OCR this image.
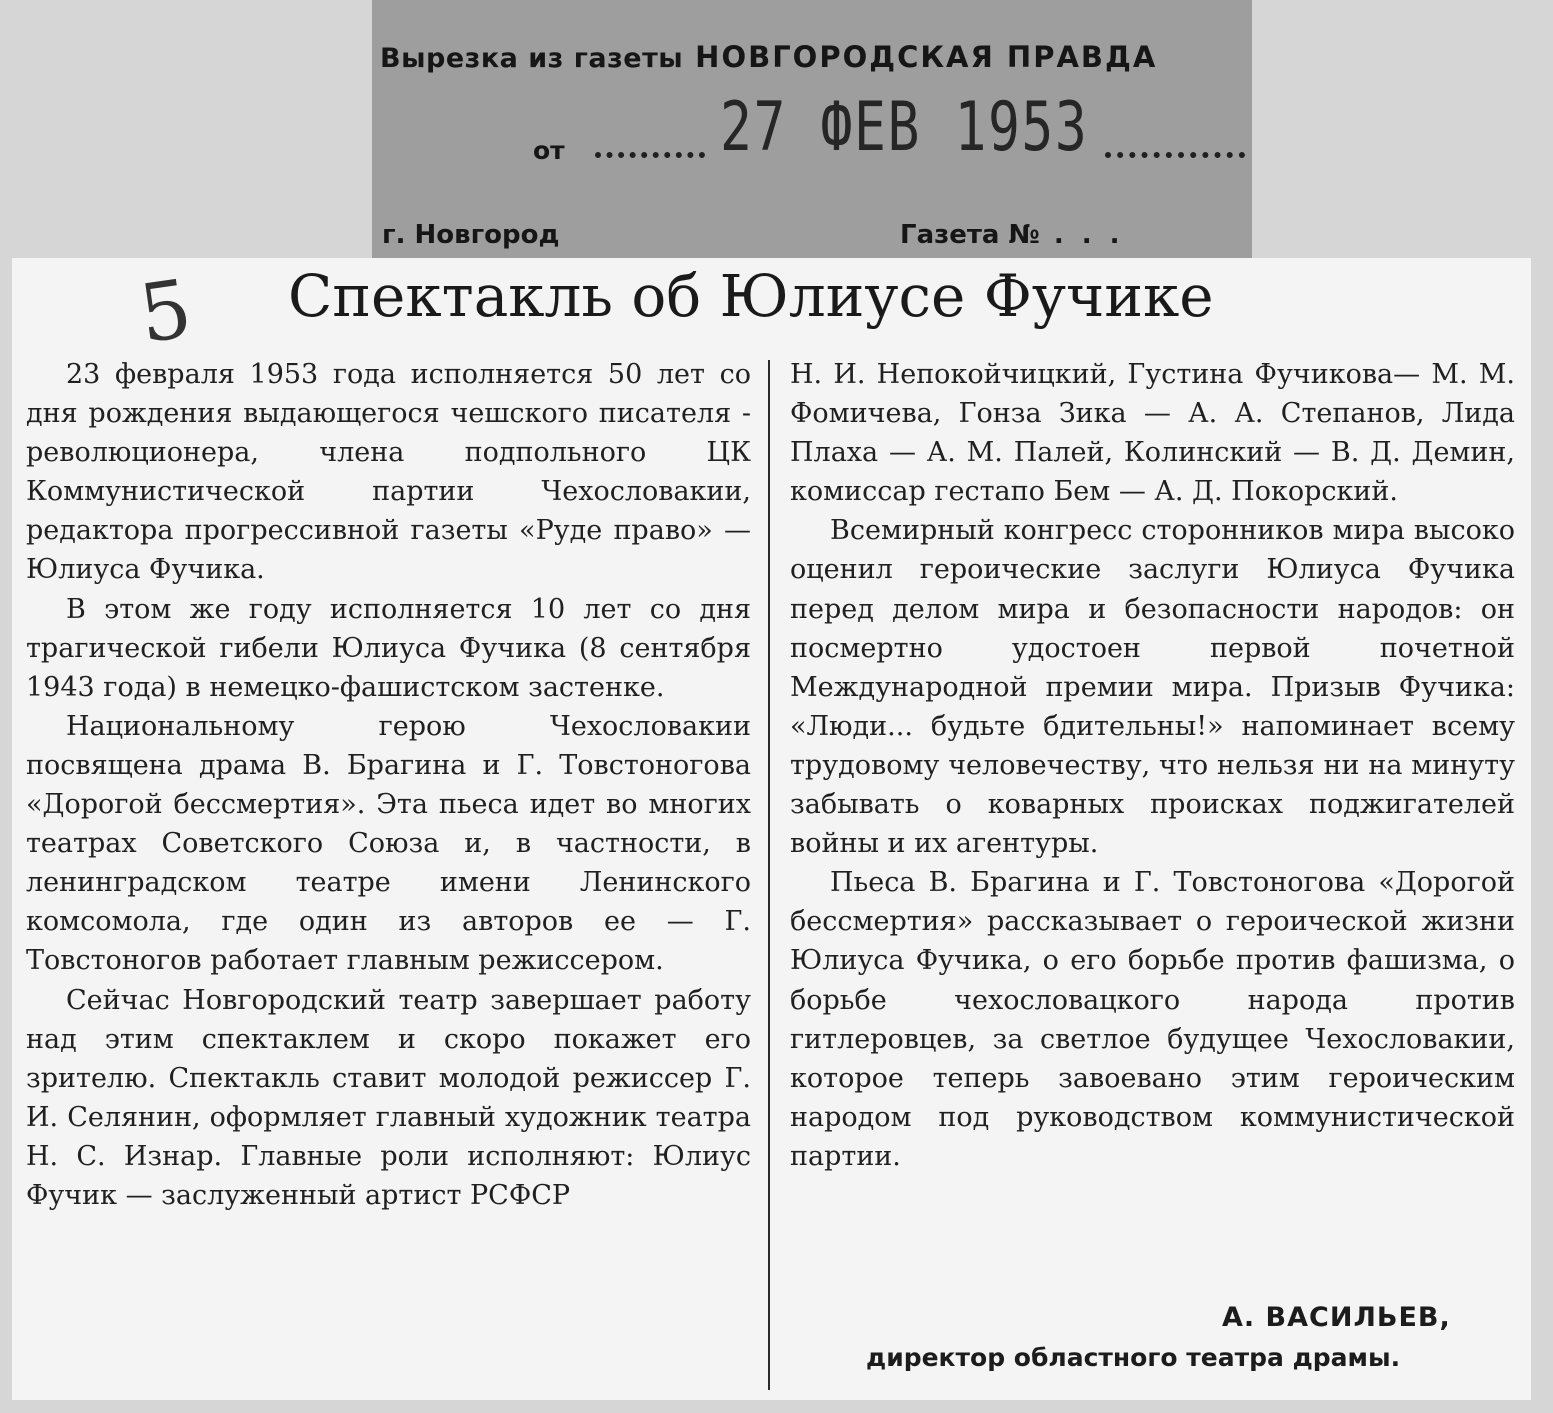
Вырезка из газеты НОВГОРОДСКАЯ ПРАВДА
от 27 ФЕВ 1953
г. Новгород	Газета № ...
5 Спектакль об Юлиусе Фучике

23 февраля 1953 года исполняется 50 лет со дня рождения выдающегося чешского писателя - революционера, члена подпольного ЦК Коммунистической партии Чехословакии, редактора прогрессивной газеты «Руде право» — Юлиуса Фучика.

В этом же году исполняется 10 лет со дня трагической гибели Юлиуса Фучика (8 сентября 1943 года) в немецко-фашистском застенке.

Национальному герою Чехословакии посвящена драма В. Брагина и Г. Товстоногова «Дорогой бессмертия». Эта пьеса идет во многих театрах Советского Союза и, в частности, в ленинградском театре имени Ленинского комсомола, где один из авторов ее — Г. Товстоногов работает главным режиссером.

Сейчас Новгородский театр завершает работу над этим спектаклем и скоро покажет его зрителю. Спектакль ставит молодой режиссер Г. И. Селянин, оформляет главный художник театра Н. С. Изнар. Главные роли исполняют: Юлиус Фучик — заслуженный артист РСФСР

Н. И. Непокойчицкий, Густина Фучикова— М. М. Фомичева, Гонза Зика — А. А. Степанов, Лида Плаха — А. М. Палей, Колинский — В. Д. Демин, комиссар гестапо Бем — А. Д. Покорский.

Всемирный конгресс сторонников мира высоко оценил героические заслуги Юлиуса Фучика перед делом мира и безопасности народов: он посмертно удостоен первой почетной Международной премии мира. Призыв Фучика: «Люди... будьте бдительны!» напоминает всему трудовому человечеству, что нельзя ни на минуту забывать о коварных происках поджигателей войны и их агентуры.

Пьеса В. Брагина и Г. Товстоногова «Дорогой бессмертия» рассказывает о героической жизни Юлиуса Фучика, о его борьбе против фашизма, о борьбе чехословацкого народа против гитлеровцев, за светлое будущее Чехословакии, которое теперь завоевано этим героическим народом под руководством коммунистической партии.

А. ВАСИЛЬЕВ,
директор областного театра драмы.
